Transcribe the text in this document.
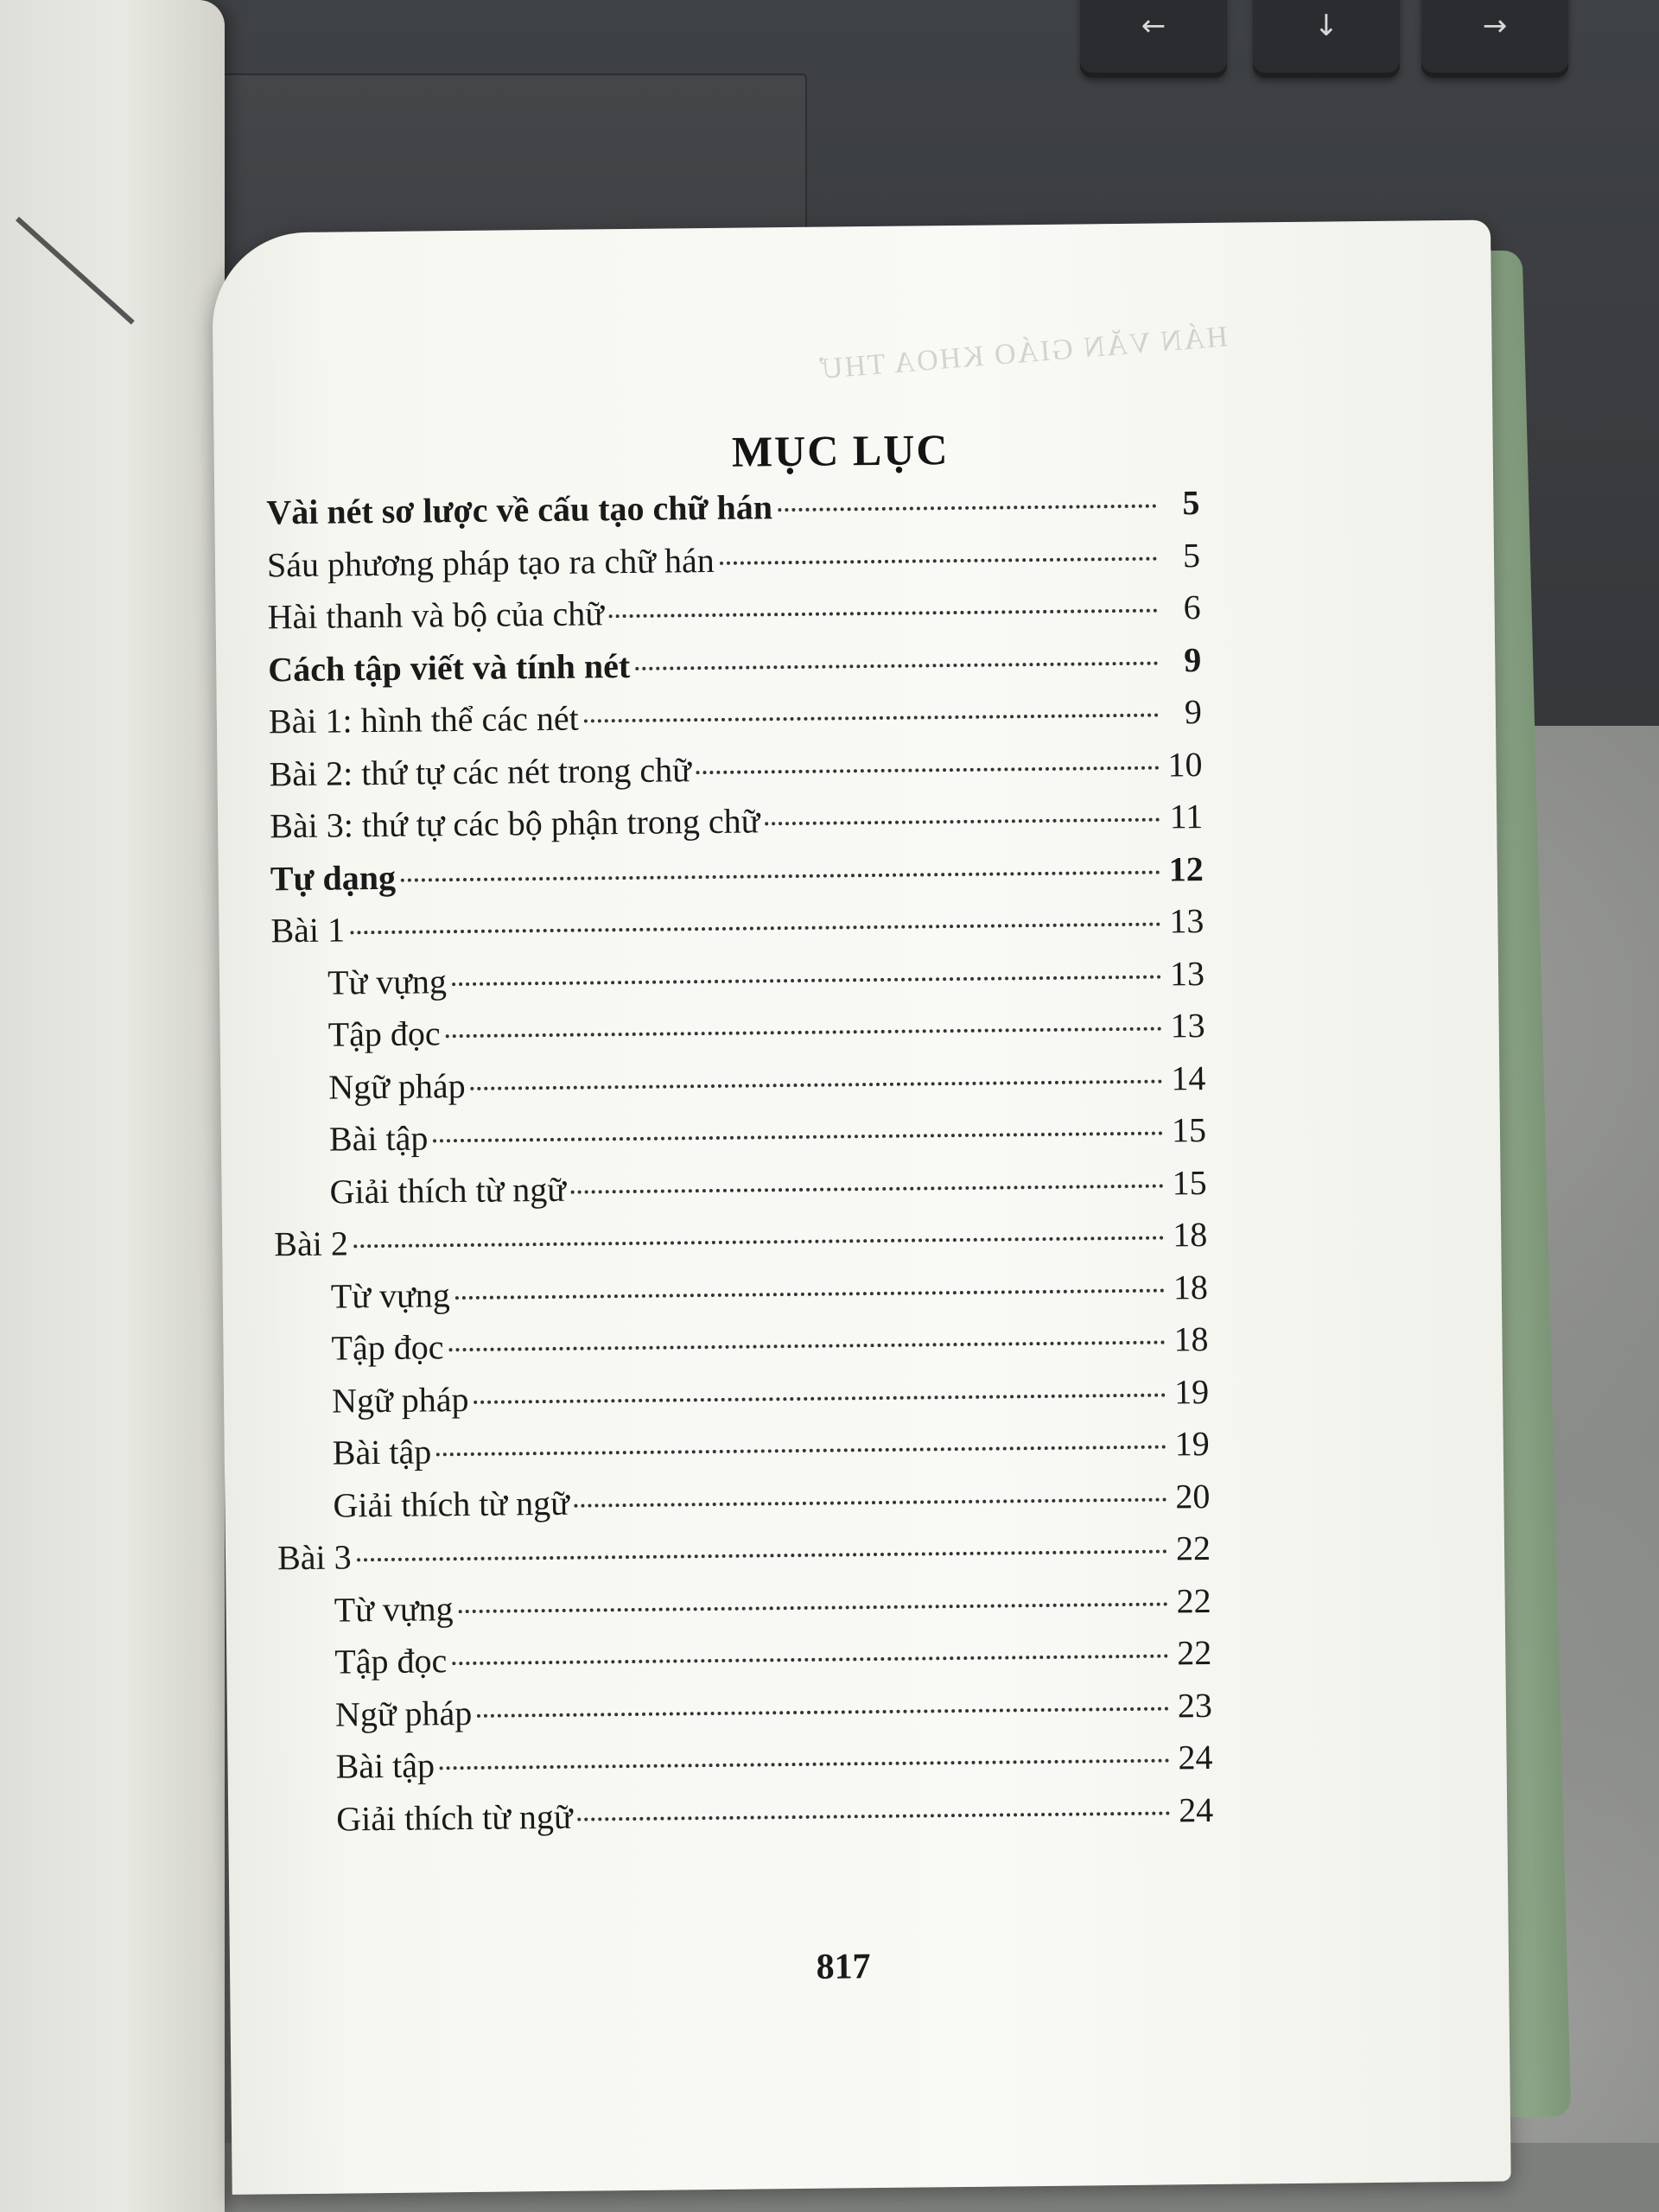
←	↓	→
HÁN VĂN GIÁO KHOA THƯ
MỤC LỤC
Vài nét sơ lược về cấu tạo chữ hán	5
Sáu phương pháp tạo ra chữ hán	5
Hài thanh và bộ của chữ	6
Cách tập viết và tính nét	9
Bài 1: hình thể các nét	9
Bài 2: thứ tự các nét trong chữ	10
Bài 3: thứ tự các bộ phận trong chữ	11
Tự dạng	12
Bài 1	13
Từ vựng	13
Tập đọc	13
Ngữ pháp	14
Bài tập	15
Giải thích từ ngữ	15
Bài 2	18
Từ vựng	18
Tập đọc	18
Ngữ pháp	19
Bài tập	19
Giải thích từ ngữ	20
Bài 3	22
Từ vựng	22
Tập đọc	22
Ngữ pháp	23
Bài tập	24
Giải thích từ ngữ	24
817
